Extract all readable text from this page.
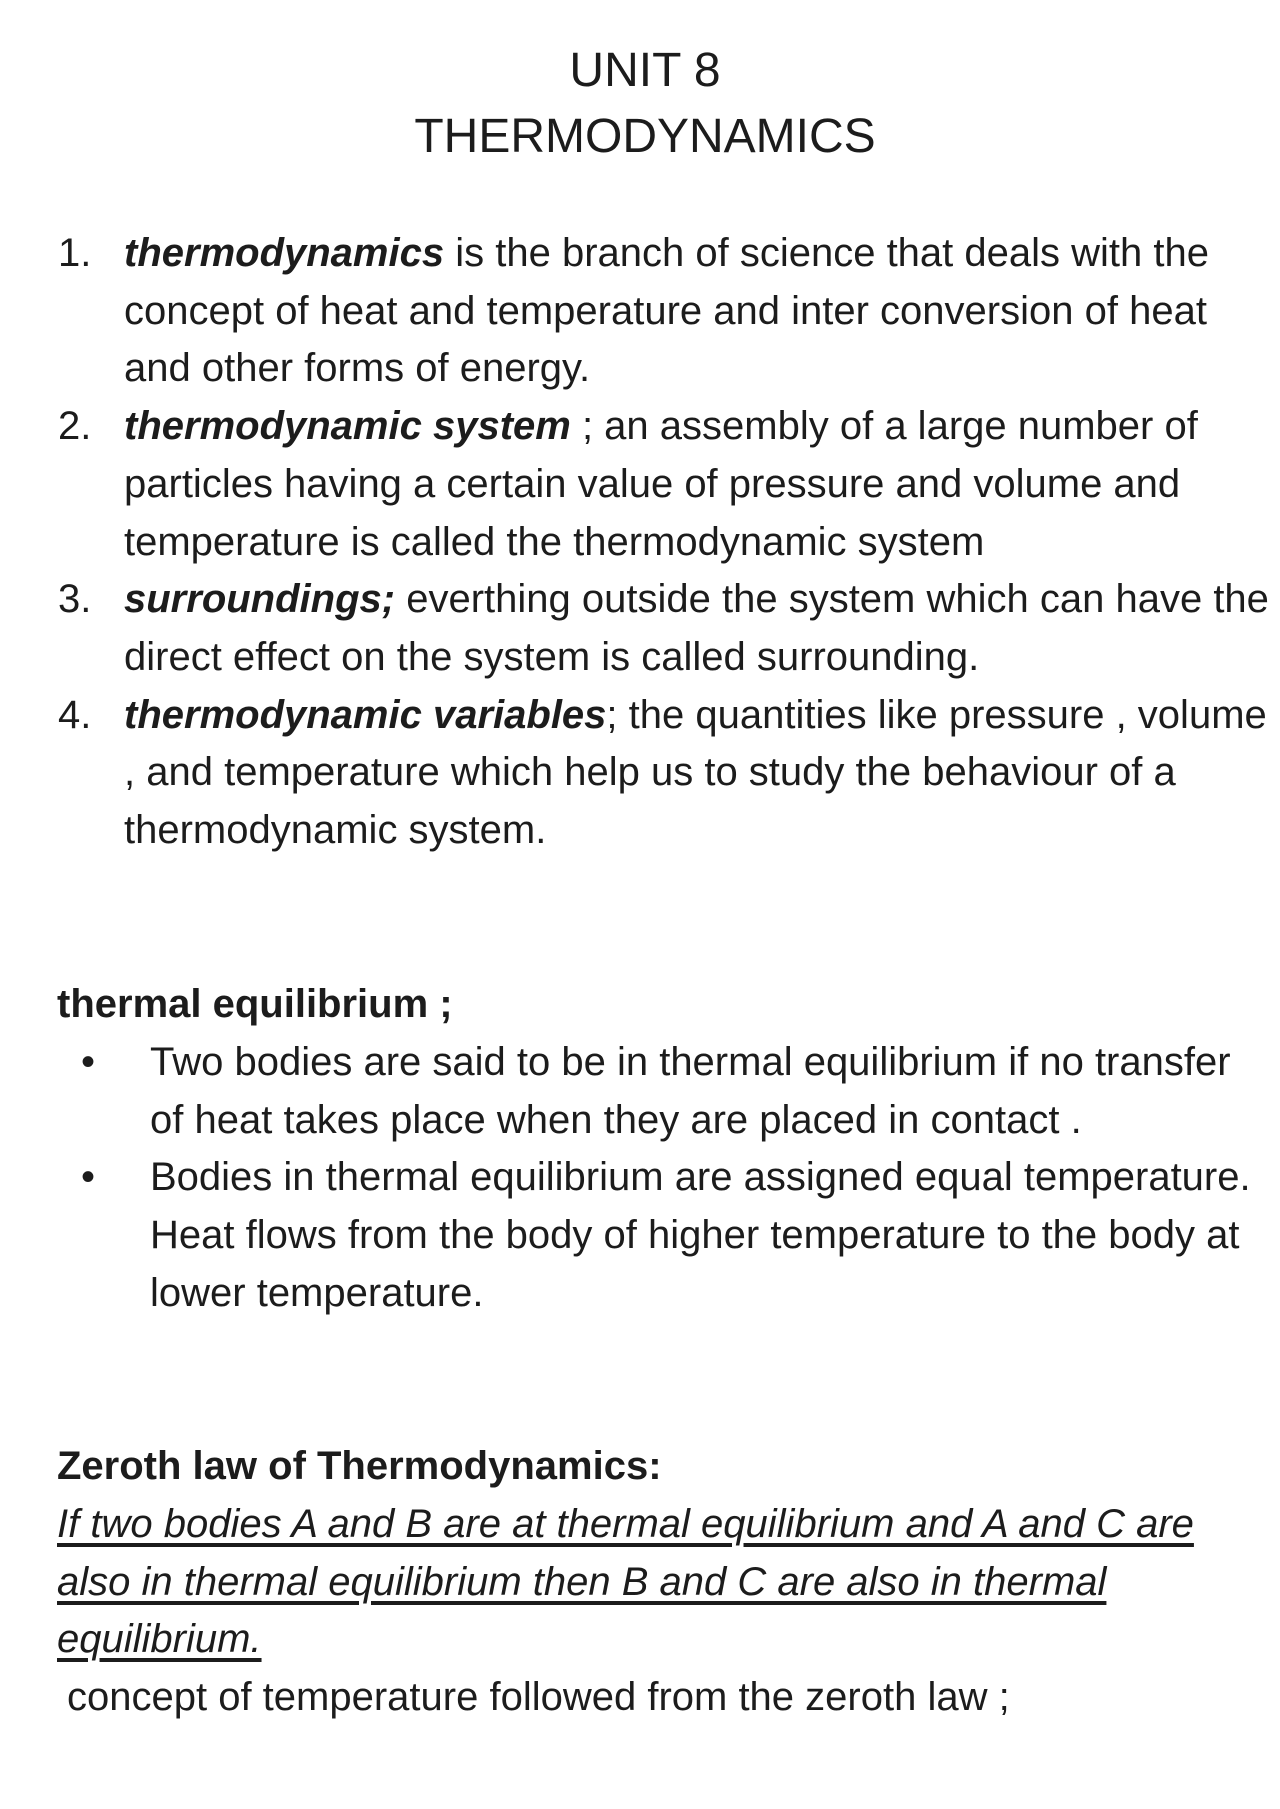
UNIT 8
THERMODYNAMICS
1. thermodynamics is the branch of science that deals with the concept of heat and temperature and inter conversion of heat and other forms of energy.
2. thermodynamic system ; an assembly of a large number of particles having a certain value of pressure and volume and temperature is called the thermodynamic system
3. surroundings; everthing outside the system which can have the direct effect on the system is called surrounding.
4. thermodynamic variables; the quantities like pressure , volume , and temperature which help us to study the behaviour of a thermodynamic system.
thermal equilibrium ;
• Two bodies are said to be in thermal equilibrium if no transfer of heat takes place when they are placed in contact .
• Bodies in thermal equilibrium are assigned equal temperature. Heat flows from the body of higher temperature to the body at lower temperature.
Zeroth law of Thermodynamics:
If two bodies A and B are at thermal equilibrium and A and C are also in thermal equilibrium then B and C are also in thermal equilibrium.
concept of temperature followed from the zeroth law ;
